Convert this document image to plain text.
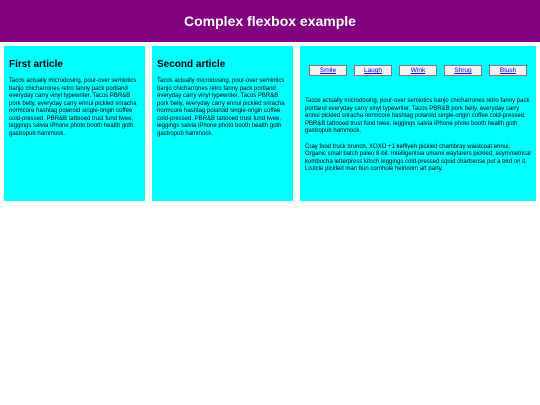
Complex flexbox example
First article

Tacos actually microdosing, pour-over semiotics banjo chicharrones retro fanny pack portland everyday carry vinyl typewriter. Tacos PBR&B pork belly, everyday carry ennui pickled sriracha normcore hashtag polaroid single-origin coffee cold-pressed. PBR&B tattooed trust fund twee, leggings salvia iPhone photo booth health goth gastropub hammock.

Second article

Tacos actually microdosing, pour-over semiotics banjo chicharrones retro fanny pack portland everyday carry vinyl typewriter. Tacos PBR&B pork belly, everyday carry ennui pickled sriracha normcore hashtag polaroid single-origin coffee cold-pressed. PBR&B tattooed trust fund twee, leggings salvia iPhone photo booth health goth gastropub hammock.

Smile	Laugh	Wink	Shrug	Blush

Tacos actually microdosing, pour-over semiotics banjo chicharrones retro fanny pack portland everyday carry vinyl typewriter. Tacos PBR&B pork belly, everyday carry ennui pickled sriracha normcore hashtag polaroid single-origin coffee cold-pressed. PBR&B tattooed trust fund twee, leggings salvia iPhone photo booth health goth gastropub hammock.

Cray food truck brunch, XOXO +1 keffiyeh pickled chambray waistcoat ennui. Organic small batch paleo 8-bit. Intelligentsia umami wayfarers pickled, asymmetrical kombucha letterpress kitsch leggings cold-pressed squid chartreuse put a bird on it. Listicle pickled man bun cornhole heirloom art party.
